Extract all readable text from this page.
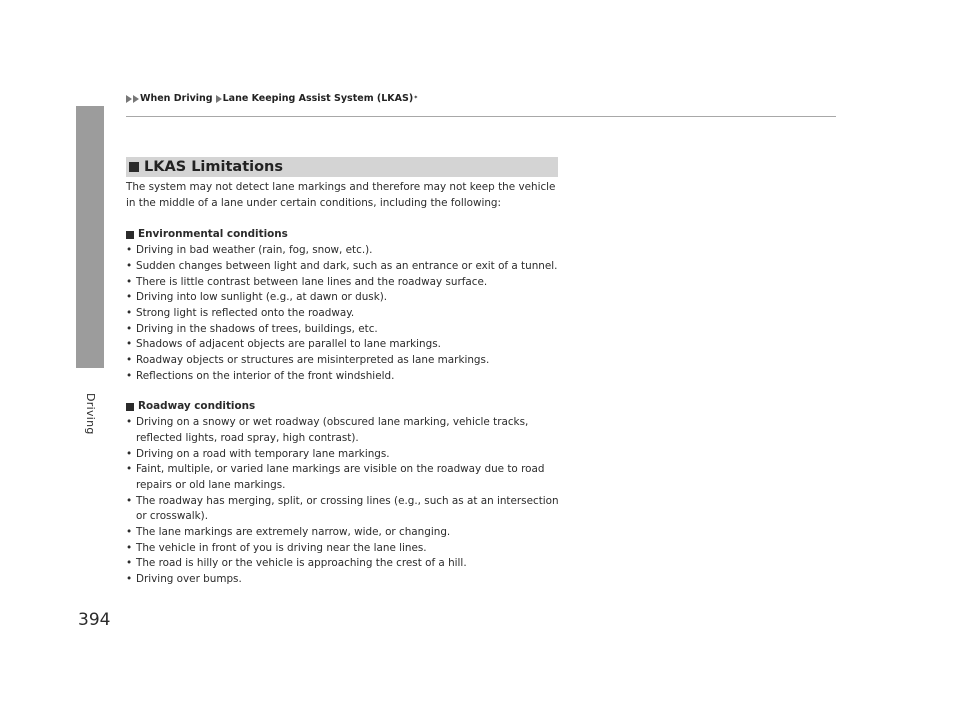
Driving
394
When Driving Lane Keeping Assist System (LKAS) *
LKAS Limitations

The system may not detect lane markings and therefore may not keep the vehicle in the middle of a lane under certain conditions, including the following:

Environmental conditions

• Driving in bad weather (rain, fog, snow, etc.).
• Sudden changes between light and dark, such as an entrance or exit of a tunnel.
• There is little contrast between lane lines and the roadway surface.
• Driving into low sunlight (e.g., at dawn or dusk).
• Strong light is reflected onto the roadway.
• Driving in the shadows of trees, buildings, etc.
• Shadows of adjacent objects are parallel to lane markings.
• Roadway objects or structures are misinterpreted as lane markings.
• Reflections on the interior of the front windshield.

Roadway conditions

• Driving on a snowy or wet roadway (obscured lane marking, vehicle tracks, reflected lights, road spray, high contrast).
• Driving on a road with temporary lane markings.
• Faint, multiple, or varied lane markings are visible on the roadway due to road repairs or old lane markings.
• The roadway has merging, split, or crossing lines (e.g., such as at an intersection or crosswalk).
• The lane markings are extremely narrow, wide, or changing.
• The vehicle in front of you is driving near the lane lines.
• The road is hilly or the vehicle is approaching the crest of a hill.
• Driving over bumps.
